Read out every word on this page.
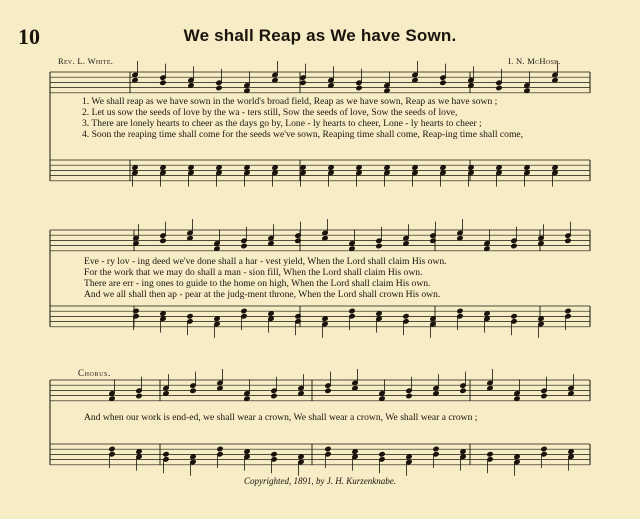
10	We shall Reap as We have Sown.
Rev. L. White.	I. N. McHose.
1. We shall reap as we have sown in the world's broad field, Reap as we have sown, Reap as we have sown ;
2. Let us sow the seeds of love by the wa - ters still, Sow the seeds of love, Sow the seeds of love,
3. There are lonely hearts to cheer as the days go by, Lone - ly hearts to cheer, Lone - ly hearts to cheer ;
4. Soon the reaping time shall come for the seeds we've sown, Reaping time shall come, Reap-ing time shall come,
Eve - ry lov - ing deed we've done shall a har - vest yield, When the Lord shall claim His own.
For the work that we may do shall a man - sion fill, When the Lord shall claim His own.
There are err - ing ones to guide to the home on high, When the Lord shall claim His own.
And we all shall then ap - pear at the judg-ment throne, When the Lord shall crown His own.
Chorus.
And when our work is end-ed, we shall wear a crown, We shall wear a crown, We shall wear a crown ;
Copyrighted, 1891, by J. H. Kurzenknabe.
